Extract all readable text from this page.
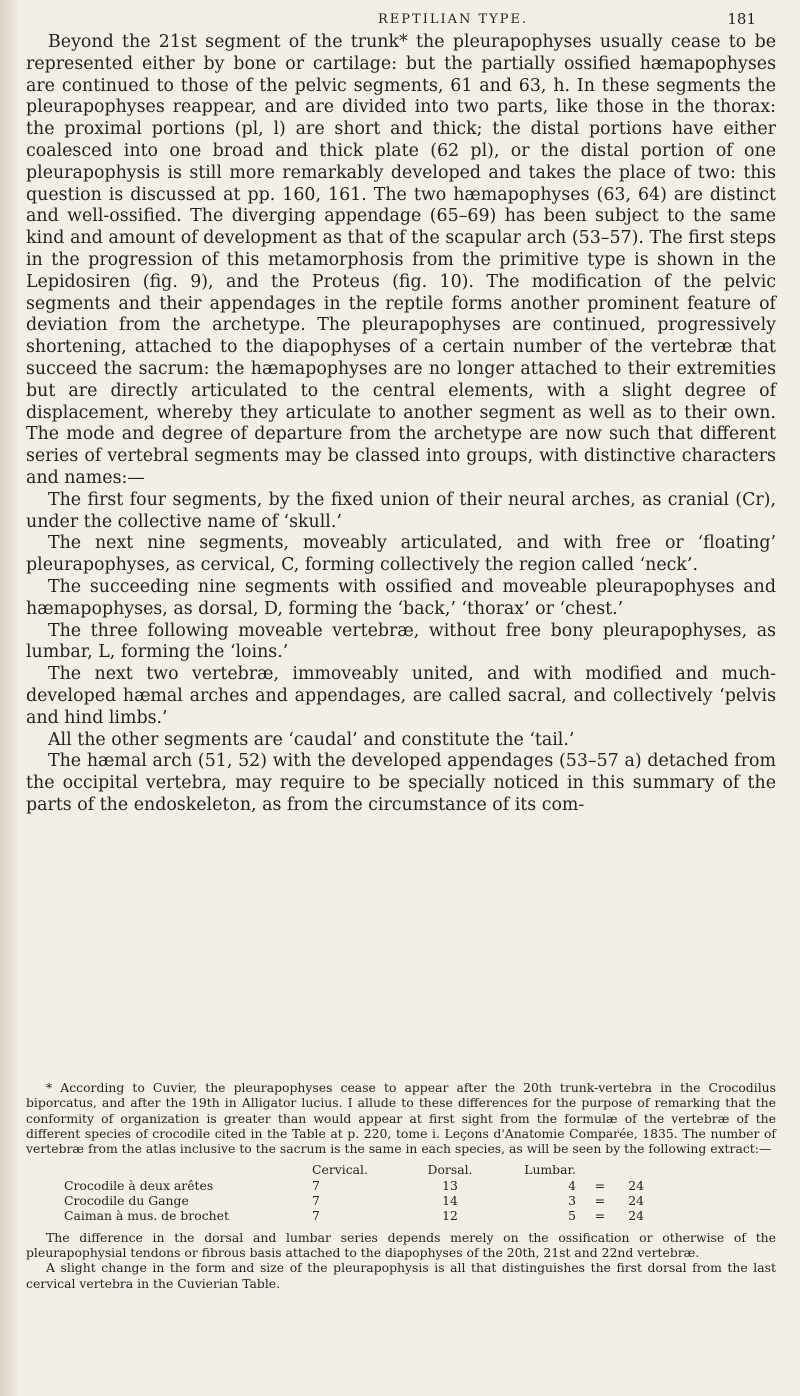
REPTILIAN TYPE.	181

Beyond the 21st segment of the trunk* the pleurapophyses usually cease to be represented either by bone or cartilage: but the partially ossified hæmapophyses are continued to those of the pelvic segments, 61 and 63, h. In these segments the pleurapophyses reappear, and are divided into two parts, like those in the thorax: the proximal portions (pl, l) are short and thick; the distal portions have either coalesced into one broad and thick plate (62 pl), or the distal portion of one pleurapophysis is still more remarkably developed and takes the place of two: this question is discussed at pp. 160, 161. The two hæmapophyses (63, 64) are distinct and well-ossified. The diverging appendage (65–69) has been subject to the same kind and amount of development as that of the scapular arch (53–57). The first steps in the progression of this metamorphosis from the primitive type is shown in the Lepidosiren (fig. 9), and the Proteus (fig. 10). The modification of the pelvic segments and their appendages in the reptile forms another prominent feature of deviation from the archetype. The pleurapophyses are continued, progressively shortening, attached to the diapophyses of a certain number of the vertebræ that succeed the sacrum: the hæmapophyses are no longer attached to their extremities but are directly articulated to the central elements, with a slight degree of displacement, whereby they articulate to another segment as well as to their own. The mode and degree of departure from the archetype are now such that different series of vertebral segments may be classed into groups, with distinctive characters and names:—

The first four segments, by the fixed union of their neural arches, as cranial (Cr), under the collective name of ‘skull.’

The next nine segments, moveably articulated, and with free or ‘floating’ pleurapophyses, as cervical, C, forming collectively the region called ‘neck’.

The succeeding nine segments with ossified and moveable pleurapophyses and hæmapophyses, as dorsal, D, forming the ‘back,’ ‘thorax’ or ‘chest.’

The three following moveable vertebræ, without free bony pleurapophyses, as lumbar, L, forming the ‘loins.’

The next two vertebræ, immoveably united, and with modified and much-developed hæmal arches and appendages, are called sacral, and collectively ‘pelvis and hind limbs.’

All the other segments are ‘caudal’ and constitute the ‘tail.’

The hæmal arch (51, 52) with the developed appendages (53–57 a) detached from the occipital vertebra, may require to be specially noticed in this summary of the parts of the endoskeleton, as from the circumstance of its com-

* According to Cuvier, the pleurapophyses cease to appear after the 20th trunk-vertebra in the Crocodilus biporcatus, and after the 19th in Alligator lucius. I allude to these differences for the purpose of remarking that the conformity of organization is greater than would appear at first sight from the formulæ of the vertebræ of the different species of crocodile cited in the Table at p. 220, tome i. Leçons d'Anatomie Comparée, 1835. The number of vertebræ from the atlas inclusive to the sacrum is the same in each species, as will be seen by the following extract:—

	Cervical.	Dorsal.	Lumbar.		
Crocodile à deux arêtes	7	13	4	=	24
Crocodile du Gange	7	14	3	=	24
Caiman à mus. de brochet	7	12	5	=	24

The difference in the dorsal and lumbar series depends merely on the ossification or otherwise of the pleurapophysial tendons or fibrous basis attached to the diapophyses of the 20th, 21st and 22nd vertebræ.

A slight change in the form and size of the pleurapophysis is all that distinguishes the first dorsal from the last cervical vertebra in the Cuvierian Table.
